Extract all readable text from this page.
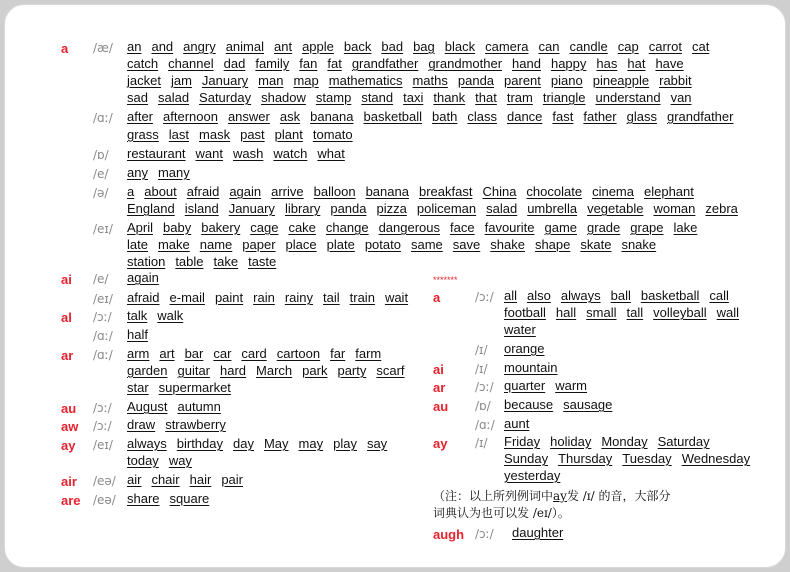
a /æ/ an and angry animal ant apple back bad bag black camera can candle cap carrot cat
catch channel dad family fan fat grandfather grandmother hand happy has hat have
jacket jam January man map mathematics maths panda parent piano pineapple rabbit
sad salad Saturday shadow stamp stand taxi thank that tram triangle understand van
/ɑː/ after afternoon answer ask banana basketball bath class dance fast father glass grandfather
grass last mask past plant tomato
/ɒ/ restaurant want wash watch what
/e/ any many
/ə/ a about afraid again arrive balloon banana breakfast China chocolate cinema elephant
England island January library panda pizza policeman salad umbrella vegetable woman zebra
/eɪ/ April baby bakery cage cake change dangerous face favourite game grade grape lake
late make name paper place plate potato same save shake shape skate snake
station table take taste
ai /e/ again
/eɪ/ afraid e-mail paint rain rainy tail train wait
al /ɔː/ talk walk
/ɑː/ half
ar /ɑː/ arm art bar car card cartoon far farm
garden guitar hard March park party scarf
star supermarket
au /ɔː/ August autumn
aw /ɔː/ draw strawberry
ay /eɪ/ always birthday day May may play say
today way
air /eə/ air chair hair pair
are /eə/ share square
*******
a	/ɔː/ all also always ball basketball call
football hall small tall volleyball wall
water
/ɪ/ orange
ai	/ɪ/ mountain
ar /ɔː/ quarter warm
au /ɒ/ because sausage
/ɑː/ aunt
ay /ɪ/ Friday holiday Monday Saturday
Sunday Thursday Tuesday Wednesday
yesterday
（注：以上所列例词中ay发 /ɪ/ 的音，大部分
词典认为也可以发 /eɪ/）。
augh /ɔː/ daughter
